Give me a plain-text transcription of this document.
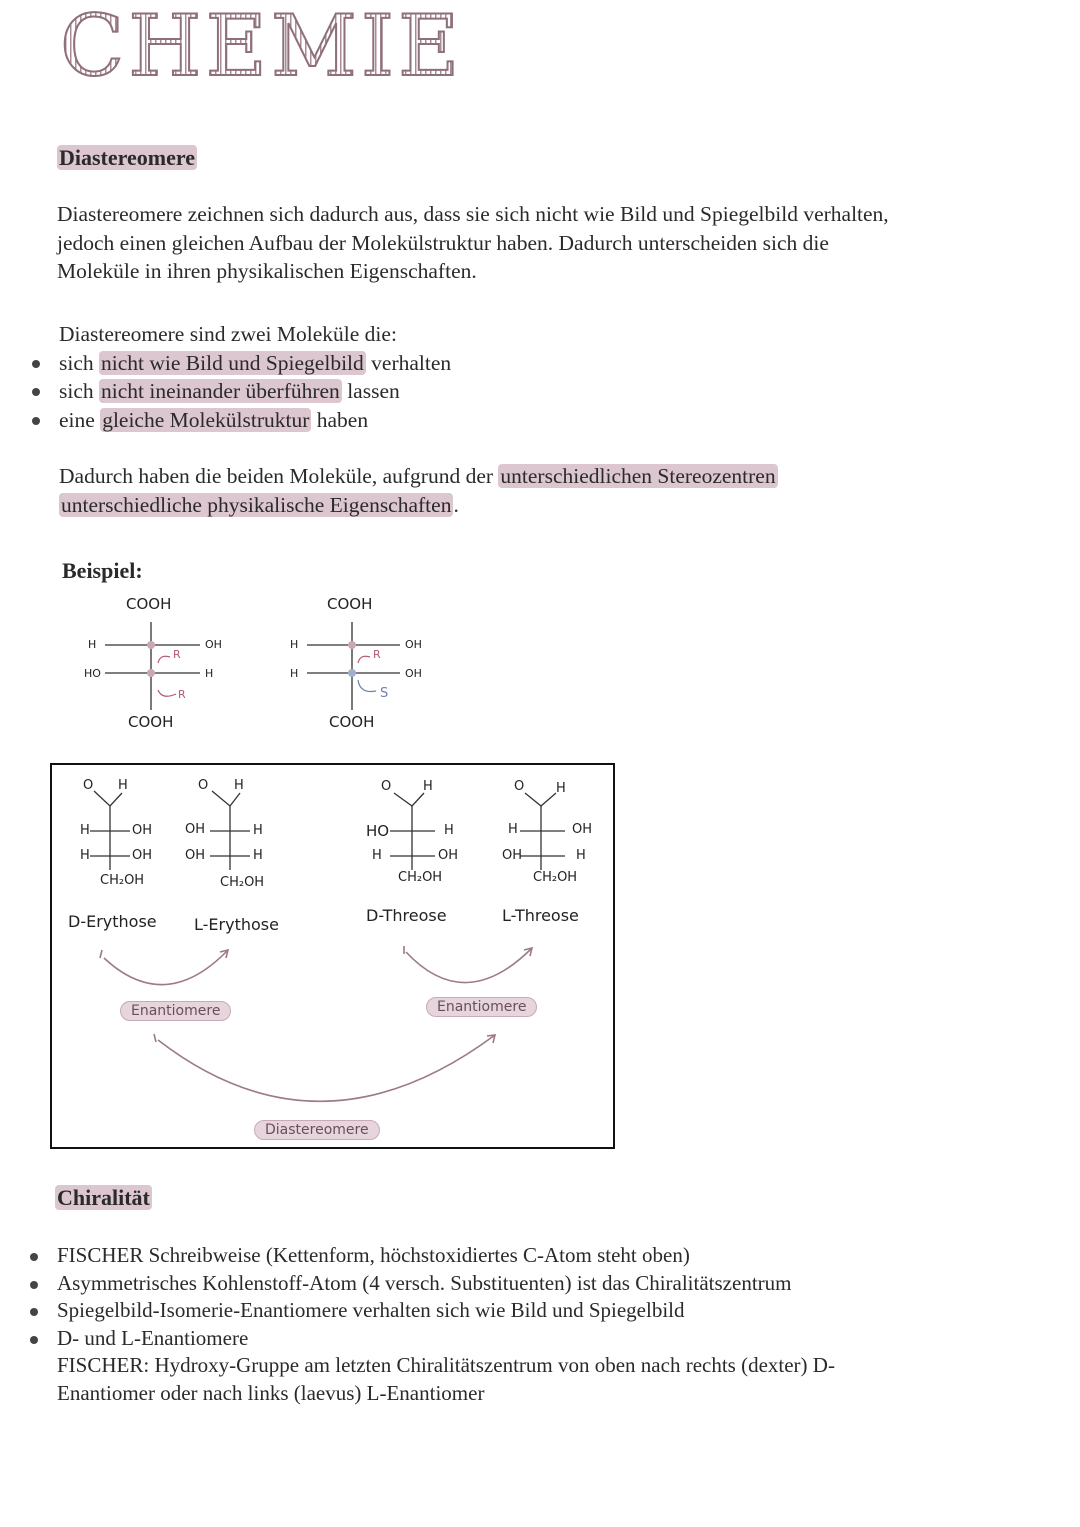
CHEMIE
Diastereomere
Diastereomere zeichnen sich dadurch aus, dass sie sich nicht wie Bild und Spiegelbild verhalten,
jedoch einen gleichen Aufbau der Molekülstruktur haben. Dadurch unterscheiden sich die
Moleküle in ihren physikalischen Eigenschaften.
Diastereomere sind zwei Moleküle die:
sich nicht wie Bild und Spiegelbild verhalten
sich nicht ineinander überführen lassen
eine gleiche Molekülstruktur haben
Dadurch haben die beiden Moleküle, aufgrund der unterschiedlichen Stereozentren
unterschiedliche physikalische Eigenschaften.
Beispiel:
COOH
H
HO
OH
H
R
R
COOH
COOH
H
H
OH
OH
R
S
COOH
O H
H
H
OH
OH
CH₂OH
D-Erythose
O H
OH
OH
H
H
CH₂OH
L-Erythose
O H
HO
H
H
OH
CH₂OH
D-Threose
O H
H
OH
OH
H
CH₂OH
L-Threose
Enantiomere	Enantiomere
Diastereomere
Chiralität
FISCHER Schreibweise (Kettenform, höchstoxidiertes C-Atom steht oben)
Asymmetrisches Kohlenstoff-Atom (4 versch. Substituenten) ist das Chiralitätszentrum
Spiegelbild-Isomerie-Enantiomere verhalten sich wie Bild und Spiegelbild
D- und L-Enantiomere
FISCHER: Hydroxy-Gruppe am letzten Chiralitätszentrum von oben nach rechts (dexter) D-
Enantiomer oder nach links (laevus) L-Enantiomer
